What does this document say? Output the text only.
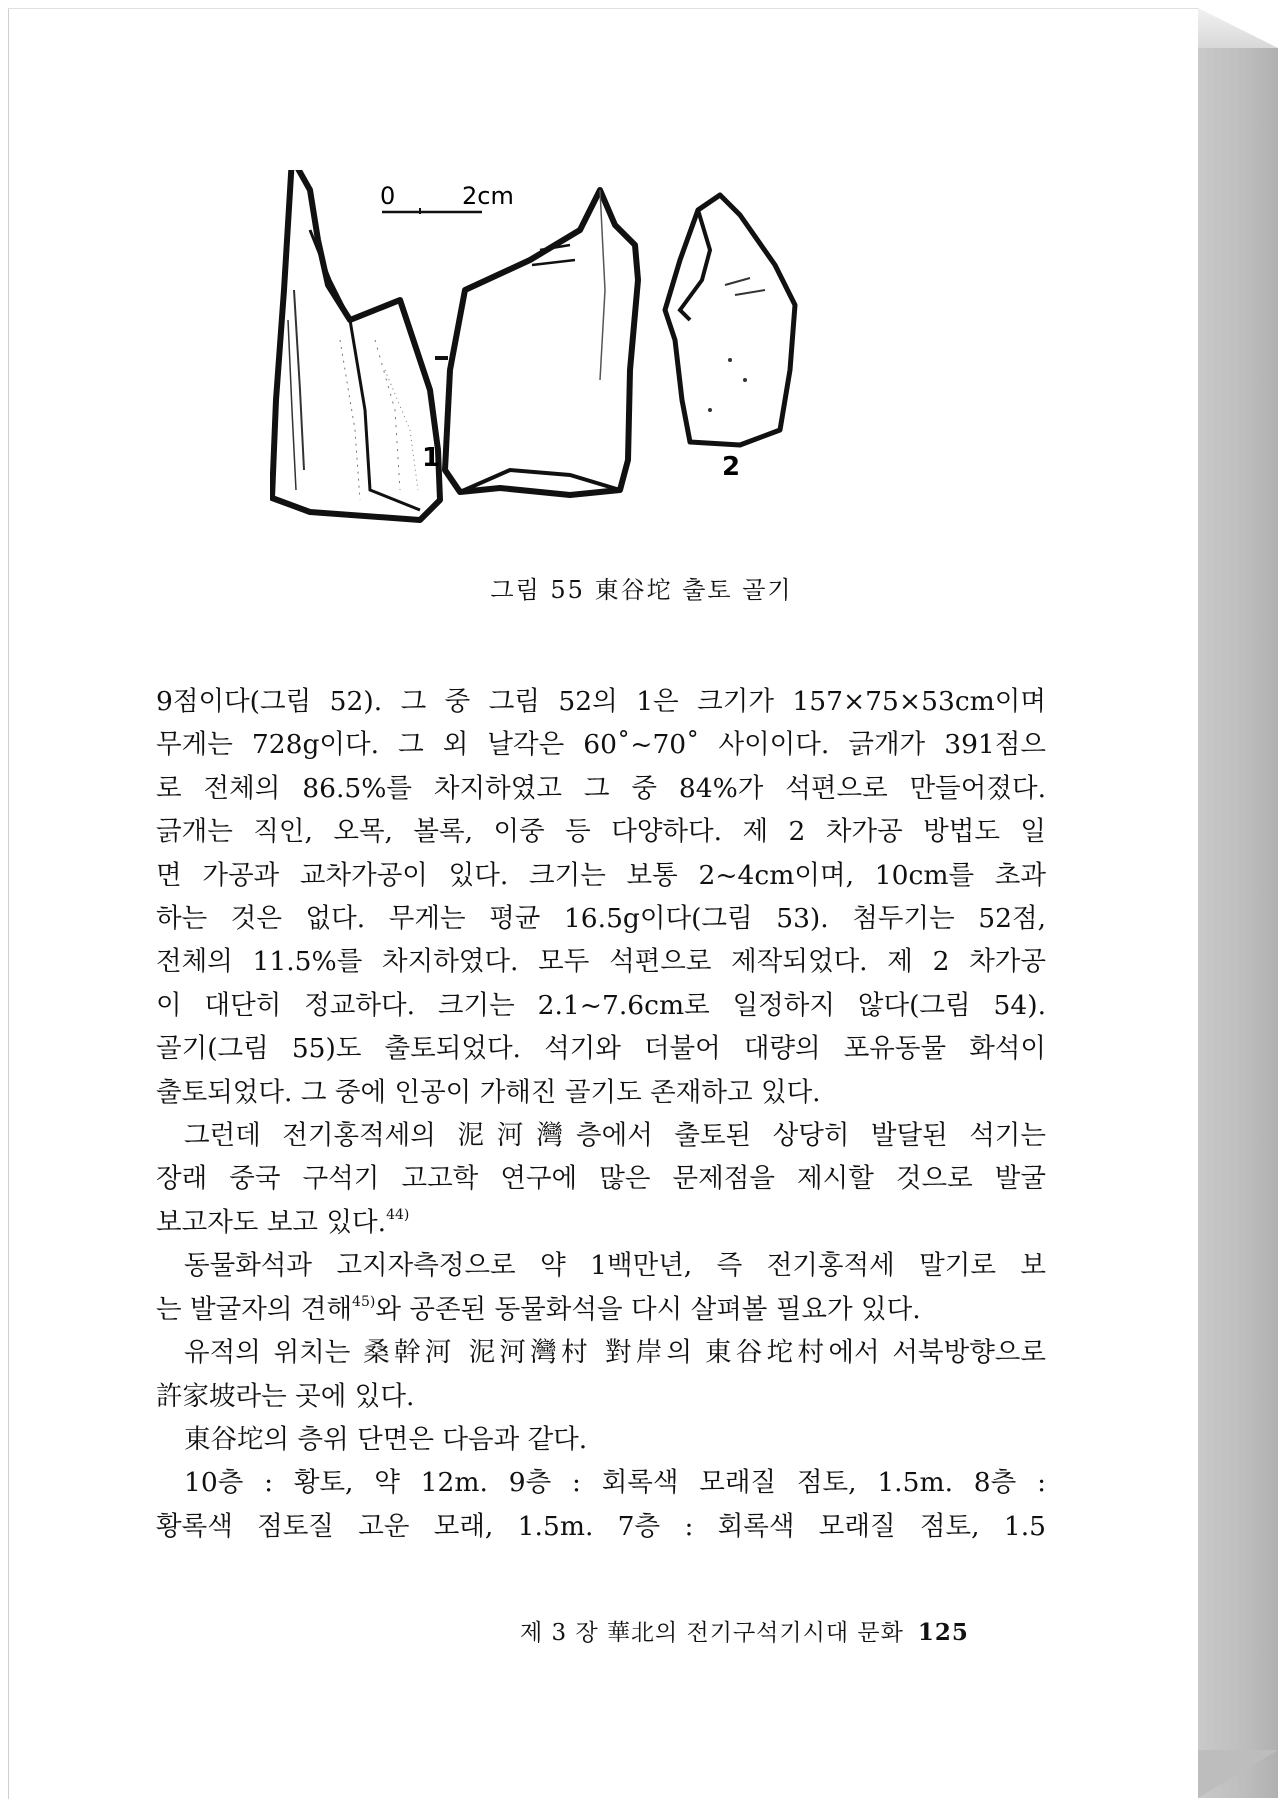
0	2cm
1	2
그림 55 東谷坨 출토 골기
9점이다(그림 52). 그 중 그림 52의 1은 크기가 157×75×53cm이며
무게는 728g이다. 그 외 날각은 60˚~70˚ 사이이다. 긁개가 391점으
로 전체의 86.5%를 차지하였고 그 중 84%가 석편으로 만들어졌다.
긁개는 직인, 오목, 볼록, 이중 등 다양하다. 제 2 차가공 방법도 일
면 가공과 교차가공이 있다. 크기는 보통 2~4cm이며, 10cm를 초과
하는 것은 없다. 무게는 평균 16.5g이다(그림 53). 첨두기는 52점,
전체의 11.5%를 차지하였다. 모두 석편으로 제작되었다. 제 2 차가공
이 대단히 정교하다. 크기는 2.1~7.6cm로 일정하지 않다(그림 54).
골기(그림 55)도 출토되었다. 석기와 더불어 대량의 포유동물 화석이
출토되었다. 그 중에 인공이 가해진 골기도 존재하고 있다.
그런데 전기홍적세의 泥河灣층에서 출토된 상당히 발달된 석기는
장래 중국 구석기 고고학 연구에 많은 문제점을 제시할 것으로 발굴
보고자도 보고 있다.$^{44)}$
동물화석과 고지자측정으로 약 1백만년, 즉 전기홍적세 말기로 보
는 발굴자의 견해$^{45)}$와 공존된 동물화석을 다시 살펴볼 필요가 있다.
유적의 위치는 桑幹河 泥河灣村 對岸의 東谷坨村에서 서북방향으로
許家坡라는 곳에 있다.
東谷坨의 층위 단면은 다음과 같다.
10층 : 황토, 약 12m. 9층 : 회록색 모래질 점토, 1.5m. 8층 :
황록색 점토질 고운 모래, 1.5m. 7층 : 회록색 모래질 점토, 1.5
제 3 장 華北의 전기구석기시대 문화 125
